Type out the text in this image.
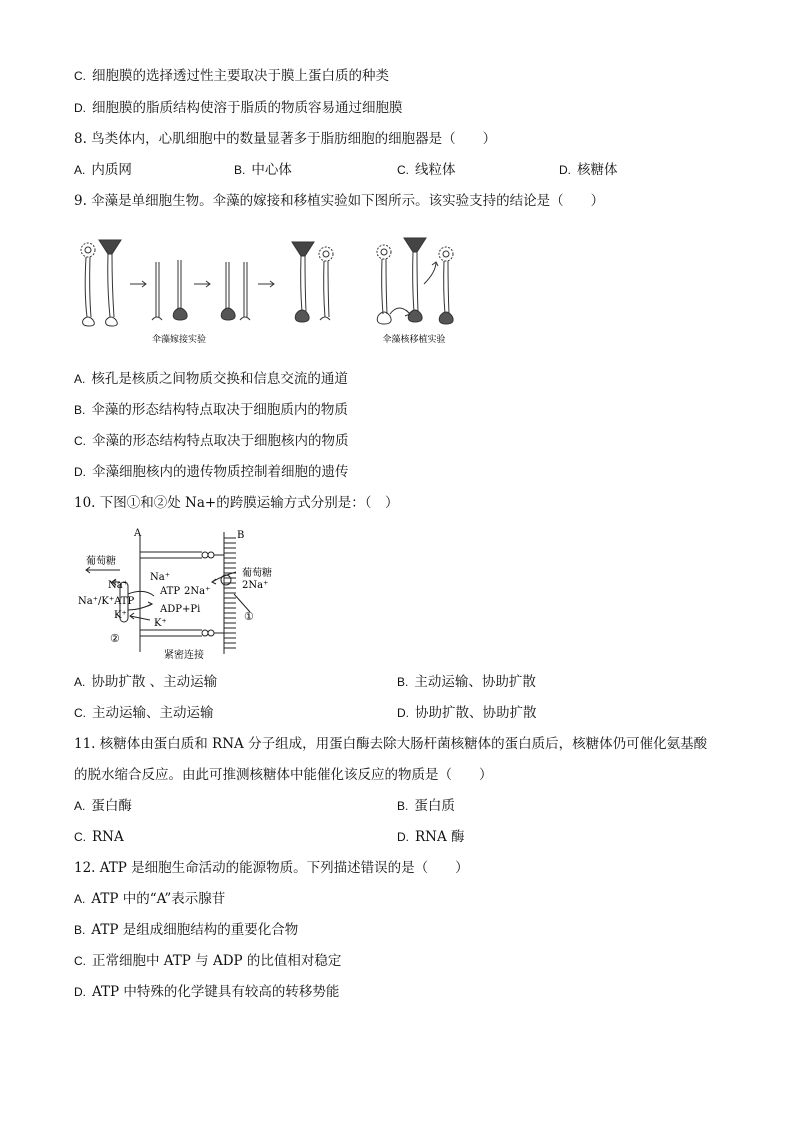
C. 细胞膜的选择透过性主要取决于膜上蛋白质的种类
D. 细胞膜的脂质结构使溶于脂质的物质容易通过细胞膜
8. 鸟类体内，心肌细胞中的数量显著多于脂肪细胞的细胞器是（　　）
A. 内质网	B. 中心体	C. 线粒体	D. 核糖体
9. 伞藻是单细胞生物。伞藻的嫁接和移植实验如下图所示。该实验支持的结论是（　　）
伞藻嫁接实验	伞藻核移植实验
A. 核孔是核质之间物质交换和信息交流的通道
B. 伞藻的形态结构特点取决于细胞质内的物质
C. 伞藻的形态结构特点取决于细胞核内的物质
D. 伞藻细胞核内的遗传物质控制着细胞的遗传
10. 下图①和②处 Na+的跨膜运输方式分别是：（　）
A	B
葡萄糖
Na⁺
Na⁺
ATP
Na⁺/K⁺ATP
2Na⁺
2Na⁺
ADP+Pi
K⁺
K⁺
葡萄糖
①
②
紧密连接
A. 协助扩散 、主动运输	B. 主动运输、协助扩散
C. 主动运输、主动运输	D. 协助扩散、协助扩散
11. 核糖体由蛋白质和 RNA 分子组成，用蛋白酶去除大肠杆菌核糖体的蛋白质后，核糖体仍可催化氨基酸
的脱水缩合反应。由此可推测核糖体中能催化该反应的物质是（　　）
A. 蛋白酶	B. 蛋白质
C. RNA	D. RNA 酶
12. ATP 是细胞生命活动的能源物质。下列描述错误的是（　　）
A. ATP 中的“A”表示腺苷
B. ATP 是组成细胞结构的重要化合物
C. 正常细胞中 ATP 与 ADP 的比值相对稳定
D. ATP 中特殊的化学键具有较高的转移势能
